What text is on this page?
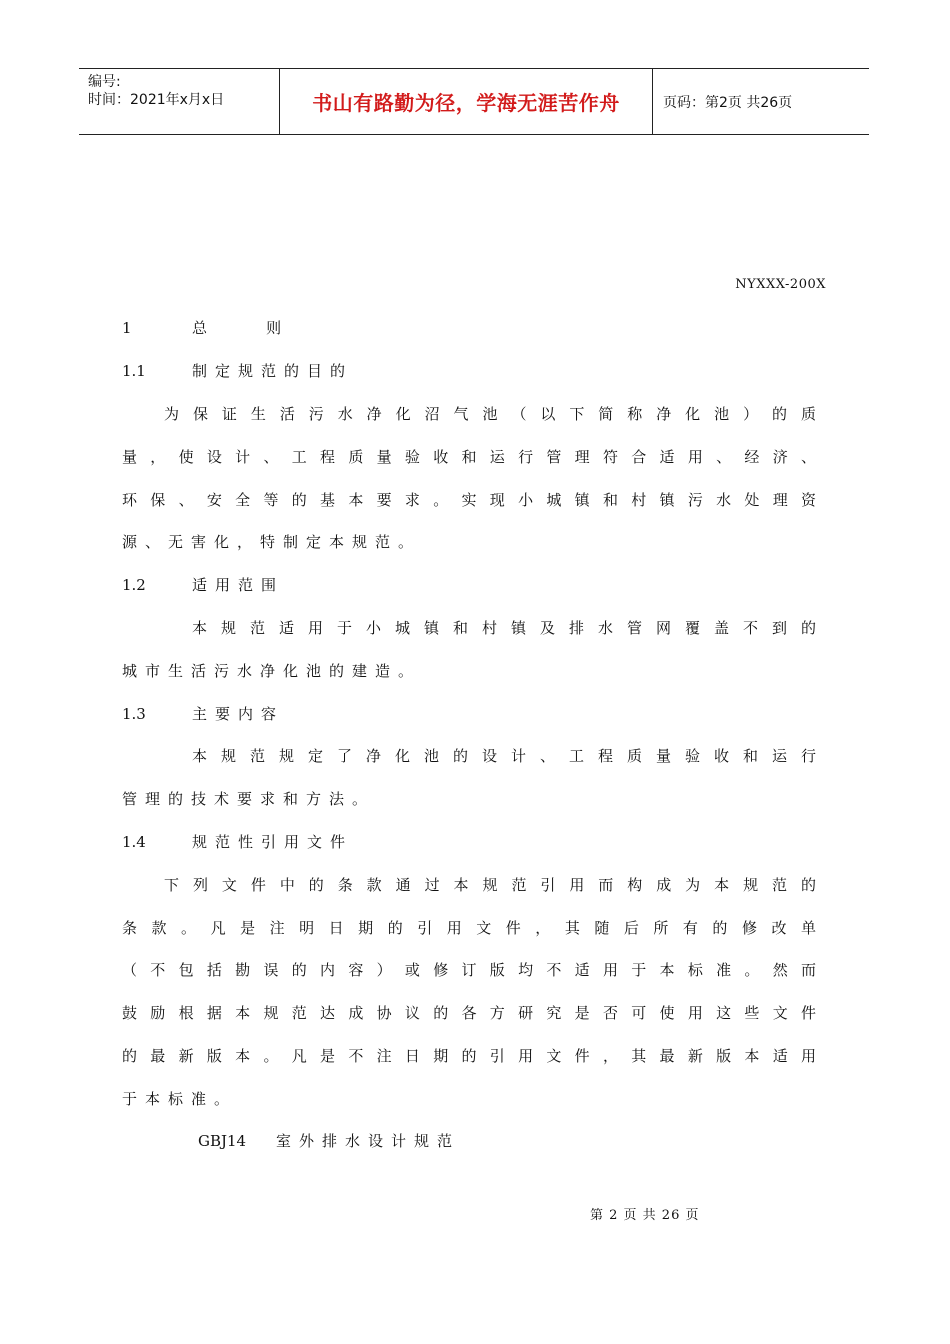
编号:
时间：2021年x月x日	书山有路勤为径，学海无涯苦作舟	页码：第2页 共26页
NYXXX-200X
1	总    则
1.1	制定规范的目的
为保证生活污水净化沼气池（以下简称净化池）的质
量，使设计、工程质量验收和运行管理符合适用、经济、
环保、安全等的基本要求。实现小城镇和村镇污水处理资
源、无害化，特制定本规范。
1.2	适用范围
本规范适用于小城镇和村镇及排水管网覆盖不到的
城市生活污水净化池的建造。
1.3	主要内容
本规范规定了净化池的设计、工程质量验收和运行
管理的技术要求和方法。
1.4	规范性引用文件
下列文件中的条款通过本规范引用而构成为本规范的
条款。凡是注明日期的引用文件，其随后所有的修改单
（不包括勘误的内容）或修订版均不适用于本标准。然而
鼓励根据本规范达成协议的各方研究是否可使用这些文件
的最新版本。凡是不注日期的引用文件，其最新版本适用
于本标准。
GBJ14 室外排水设计规范
第 2 页 共 26 页
